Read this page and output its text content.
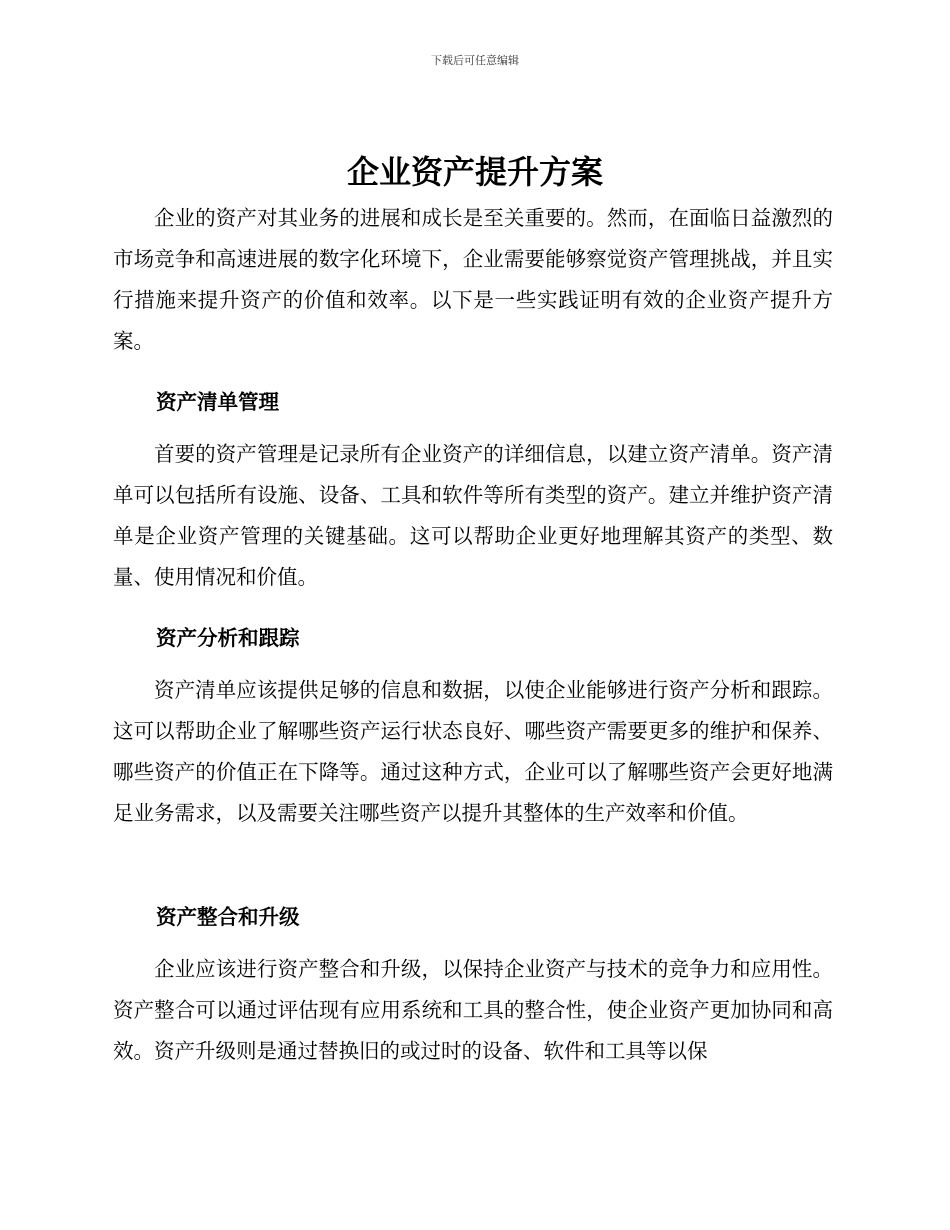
下载后可任意编辑
企业资产提升方案

企业的资产对其业务的进展和成长是至关重要的。然而，在面临日益激烈的市场竞争和高速进展的数字化环境下，企业需要能够察觉资产管理挑战，并且实行措施来提升资产的价值和效率。以下是一些实践证明有效的企业资产提升方案。

资产清单管理

首要的资产管理是记录所有企业资产的详细信息，以建立资产清单。资产清单可以包括所有设施、设备、工具和软件等所有类型的资产。建立并维护资产清单是企业资产管理的关键基础。这可以帮助企业更好地理解其资产的类型、数量、使用情况和价值。

资产分析和跟踪

资产清单应该提供足够的信息和数据，以使企业能够进行资产分析和跟踪。这可以帮助企业了解哪些资产运行状态良好、哪些资产需要更多的维护和保养、哪些资产的价值正在下降等。通过这种方式，企业可以了解哪些资产会更好地满足业务需求，以及需要关注哪些资产以提升其整体的生产效率和价值。

资产整合和升级

企业应该进行资产整合和升级，以保持企业资产与技术的竞争力和应用性。资产整合可以通过评估现有应用系统和工具的整合性，使企业资产更加协同和高效。资产升级则是通过替换旧的或过时的设备、软件和工具等以保
